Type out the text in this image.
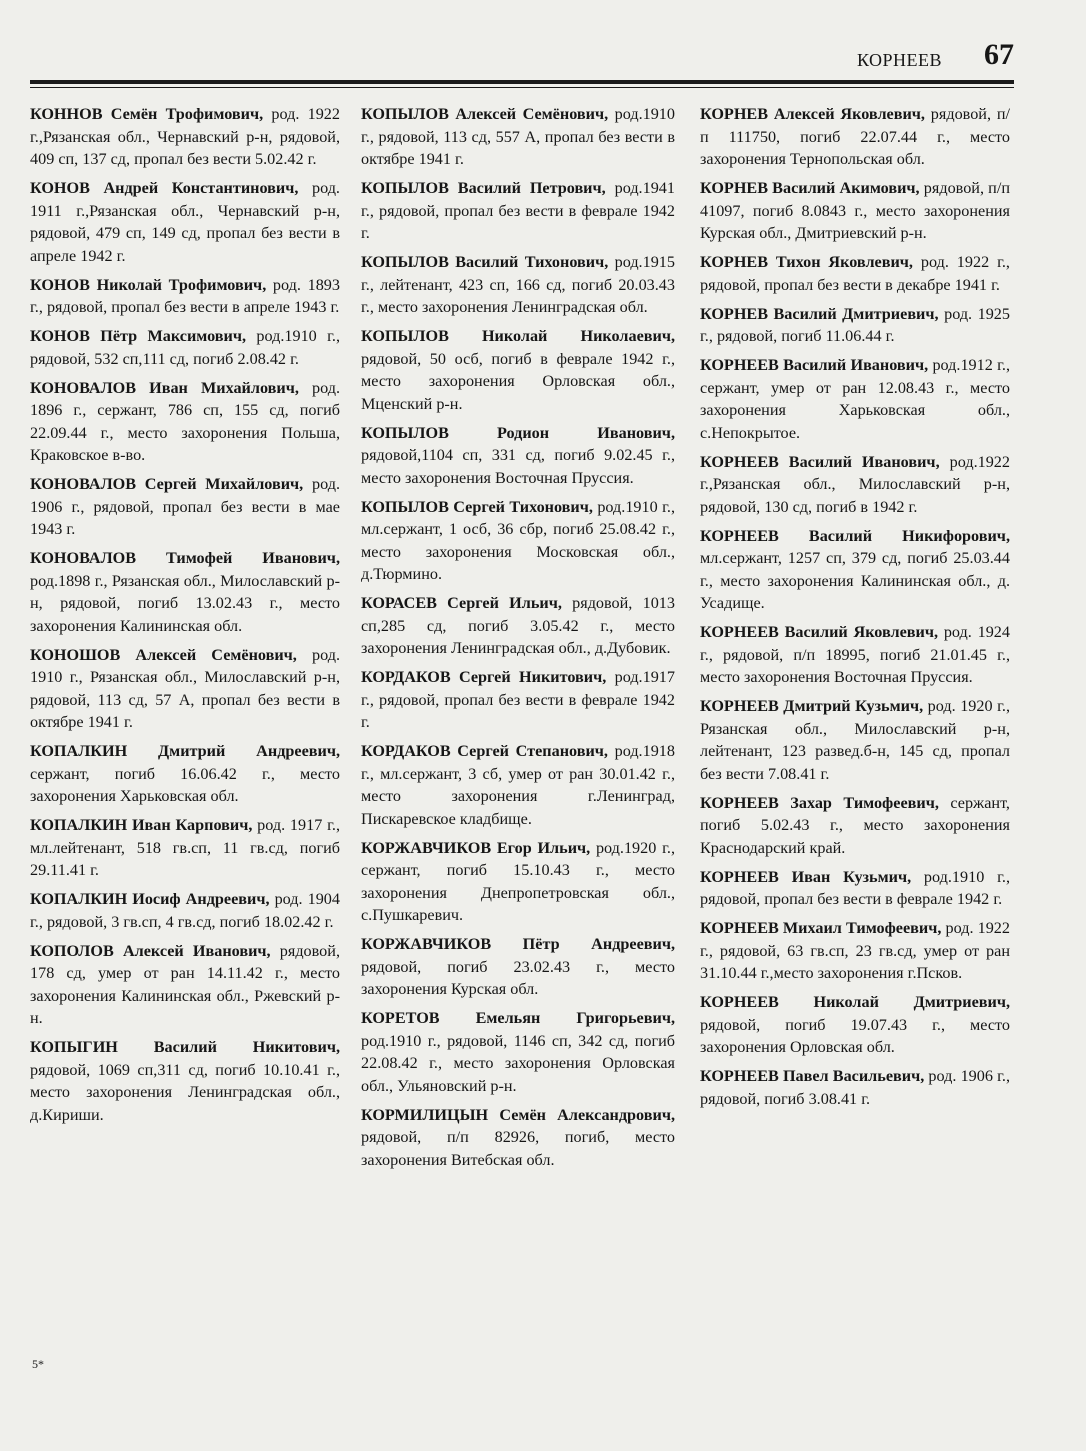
КОРНЕЕВ 67

КОННОВ Семён Трофимович, род. 1922 г.,Рязанская обл., Чернавский р-н, рядовой, 409 сп, 137 сд, пропал без вести 5.02.42 г.

КОНОВ Андрей Константинович, род. 1911 г.,Рязанская обл., Чернавский р-н, рядовой, 479 сп, 149 сд, пропал без вести в апреле 1942 г.

КОНОВ Николай Трофимович, род. 1893 г., рядовой, пропал без вести в апреле 1943 г.

КОНОВ Пётр Максимович, род.1910 г., рядовой, 532 сп,111 сд, погиб 2.08.42 г.

КОНОВАЛОВ Иван Михайлович, род. 1896 г., сержант, 786 сп, 155 сд, погиб 22.09.44 г., место захоронения Польша, Краковское в-во.

КОНОВАЛОВ Сергей Михайлович, род. 1906 г., рядовой, пропал без вести в мае 1943 г.

КОНОВАЛОВ Тимофей Иванович, род.1898 г., Рязанская обл., Милославский р-н, рядовой, погиб 13.02.43 г., место захоронения Калининская обл.

КОНОШОВ Алексей Семёнович, род. 1910 г., Рязанская обл., Милославский р-н, рядовой, 113 сд, 57 А, пропал без вести в октябре 1941 г.

КОПАЛКИН Дмитрий Андреевич, сержант, погиб 16.06.42 г., место захоронения Харьковская обл.

КОПАЛКИН Иван Карпович, род. 1917 г., мл.лейтенант, 518 гв.сп, 11 гв.сд, погиб 29.11.41 г.

КОПАЛКИН Иосиф Андреевич, род. 1904 г., рядовой, 3 гв.сп, 4 гв.сд, погиб 18.02.42 г.

КОПОЛОВ Алексей Иванович, рядовой, 178 сд, умер от ран 14.11.42 г., место захоронения Калининская обл., Ржевский р-н.

КОПЫГИН Василий Никитович, рядовой, 1069 сп,311 сд, погиб 10.10.41 г., место захоронения Ленинградская обл., д.Кириши.

КОПЫЛОВ Алексей Семёнович, род.1910 г., рядовой, 113 сд, 557 А, пропал без вести в октябре 1941 г.

КОПЫЛОВ Василий Петрович, род.1941 г., рядовой, пропал без вести в феврале 1942 г.

КОПЫЛОВ Василий Тихонович, род.1915 г., лейтенант, 423 сп, 166 сд, погиб 20.03.43 г., место захоронения Ленинградская обл.

КОПЫЛОВ Николай Николаевич, рядовой, 50 осб, погиб в феврале 1942 г., место захоронения Орловская обл., Мценский р-н.

КОПЫЛОВ Родион Иванович, рядовой,1104 сп, 331 сд, погиб 9.02.45 г., место захоронения Восточная Пруссия.

КОПЫЛОВ Сергей Тихонович, род.1910 г., мл.сержант, 1 осб, 36 сбр, погиб 25.08.42 г., место захоронения Московская обл., д.Тюрмино.

КОРАСЕВ Сергей Ильич, рядовой, 1013 сп,285 сд, погиб 3.05.42 г., место захоронения Ленинградская обл., д.Дубовик.

КОРДАКОВ Сергей Никитович, род.1917 г., рядовой, пропал без вести в феврале 1942 г.

КОРДАКОВ Сергей Степанович, род.1918 г., мл.сержант, 3 сб, умер от ран 30.01.42 г., место захоронения г.Ленинград, Пискаревское кладбище.

КОРЖАВЧИКОВ Егор Ильич, род.1920 г., сержант, погиб 15.10.43 г., место захоронения Днепропетровская обл., с.Пушкаревич.

КОРЖАВЧИКОВ Пётр Андреевич, рядовой, погиб 23.02.43 г., место захоронения Курская обл.

КОРЕТОВ Емельян Григорьевич, род.1910 г., рядовой, 1146 сп, 342 сд, погиб 22.08.42 г., место захоронения Орловская обл., Ульяновский р-н.

КОРМИЛИЦЫН Семён Александрович, рядовой, п/п 82926, погиб, место захоронения Витебская обл.

КОРНЕВ Алексей Яковлевич, рядовой, п/п 111750, погиб 22.07.44 г., место захоронения Тернопольская обл.

КОРНЕВ Василий Акимович, рядовой, п/п 41097, погиб 8.0843 г., место захоронения Курская обл., Дмитриевский р-н.

КОРНЕВ Тихон Яковлевич, род. 1922 г., рядовой, пропал без вести в декабре 1941 г.

КОРНЕВ Василий Дмитриевич, род. 1925 г., рядовой, погиб 11.06.44 г.

КОРНЕЕВ Василий Иванович, род.1912 г., сержант, умер от ран 12.08.43 г., место захоронения Харьковская обл., с.Непокрытое.

КОРНЕЕВ Василий Иванович, род.1922 г.,Рязанская обл., Милославский р-н, рядовой, 130 сд, погиб в 1942 г.

КОРНЕЕВ Василий Никифорович, мл.сержант, 1257 сп, 379 сд, погиб 25.03.44 г., место захоронения Калининская обл., д. Усадище.

КОРНЕЕВ Василий Яковлевич, род. 1924 г., рядовой, п/п 18995, погиб 21.01.45 г., место захоронения Восточная Пруссия.

КОРНЕЕВ Дмитрий Кузьмич, род. 1920 г., Рязанская обл., Милославский р-н, лейтенант, 123 развед.б-н, 145 сд, пропал без вести 7.08.41 г.

КОРНЕЕВ Захар Тимофеевич, сержант, погиб 5.02.43 г., место захоронения Краснодарский край.

КОРНЕЕВ Иван Кузьмич, род.1910 г., рядовой, пропал без вести в феврале 1942 г.

КОРНЕЕВ Михаил Тимофеевич, род. 1922 г., рядовой, 63 гв.сп, 23 гв.сд, умер от ран 31.10.44 г.,место захоронения г.Псков.

КОРНЕЕВ Николай Дмитриевич, рядовой, погиб 19.07.43 г., место захоронения Орловская обл.

КОРНЕЕВ Павел Васильевич, род. 1906 г., рядовой, погиб 3.08.41 г.

5*
